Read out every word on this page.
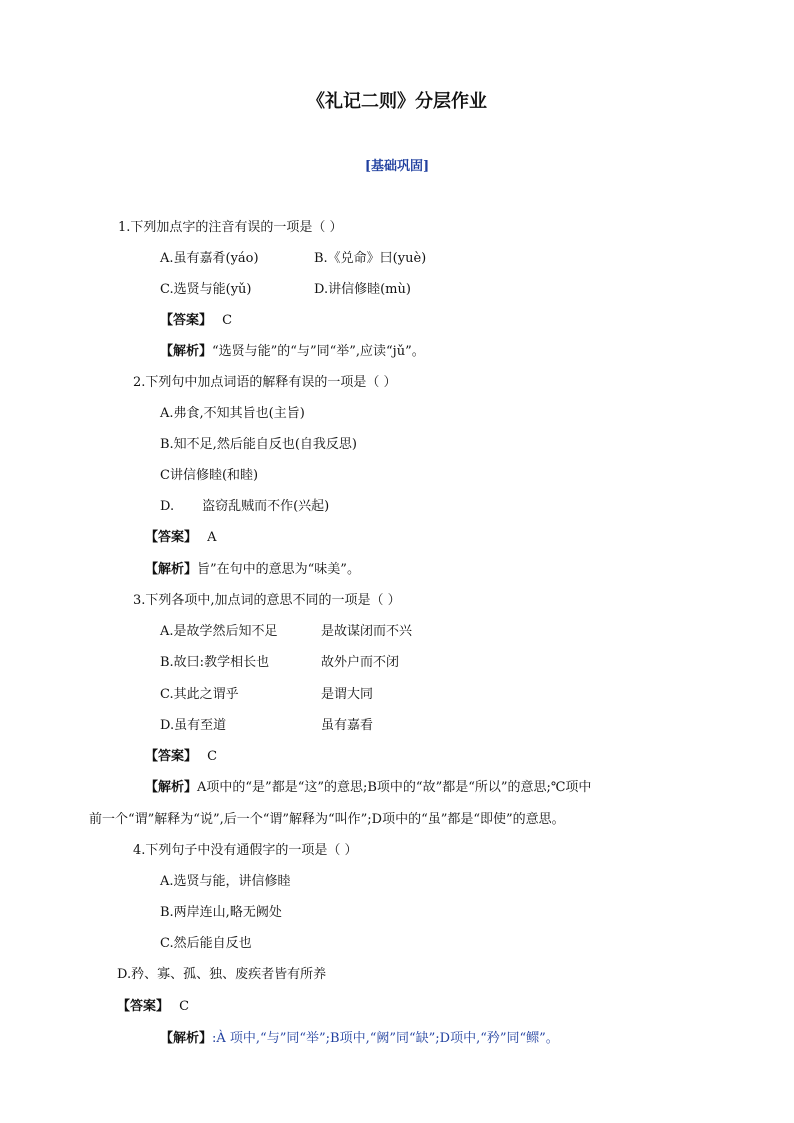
《礼记二则》分层作业
[基础巩固]
1.下列加点字的注音有误的一项是（ ）
A.虽有嘉肴(yáo)	B.《兑命》曰(yuè)
C.选贤与能(yǔ)	D.讲信修睦(mù)
【答案】 C
【解析】“选贤与能”的“与”同“举”,应读“jǔ”。
2.下列句中加点词语的解释有误的一项是（ ）
A.弗食,不知其旨也(主旨)
B.知不足,然后能自反也(自我反思)
C讲信修睦(和睦)
D. 盗窃乱贼而不作(兴起)
【答案】 A
【解析】旨”在句中的意思为“味美”。
3.下列各项中,加点词的意思不同的一项是（ ）
A.是故学然后知不足	是故谋闭而不兴
B.故曰:教学相长也	故外户而不闭
C.其此之谓乎	是谓大同
D.虽有至道	虽有嘉看
【答案】 C
【解析】A项中的“是”都是“这”的意思;B项中的“故”都是“所以”的意思;℃项中
前一个“谓”解释为“说”,后一个“谓”解释为“叫作”;D项中的“虽”都是“即使”的意思。
4.下列句子中没有通假字的一项是（ ）
A.选贤与能，讲信修睦
B.两岸连山,略无阙处
C.然后能自反也
D.矜、寡、孤、独、废疾者皆有所养
【答案】 C
【解析】:À 项中,“与”同“举”;B项中,“阙”同“缺”;D项中,“矜”同“鳏”。
